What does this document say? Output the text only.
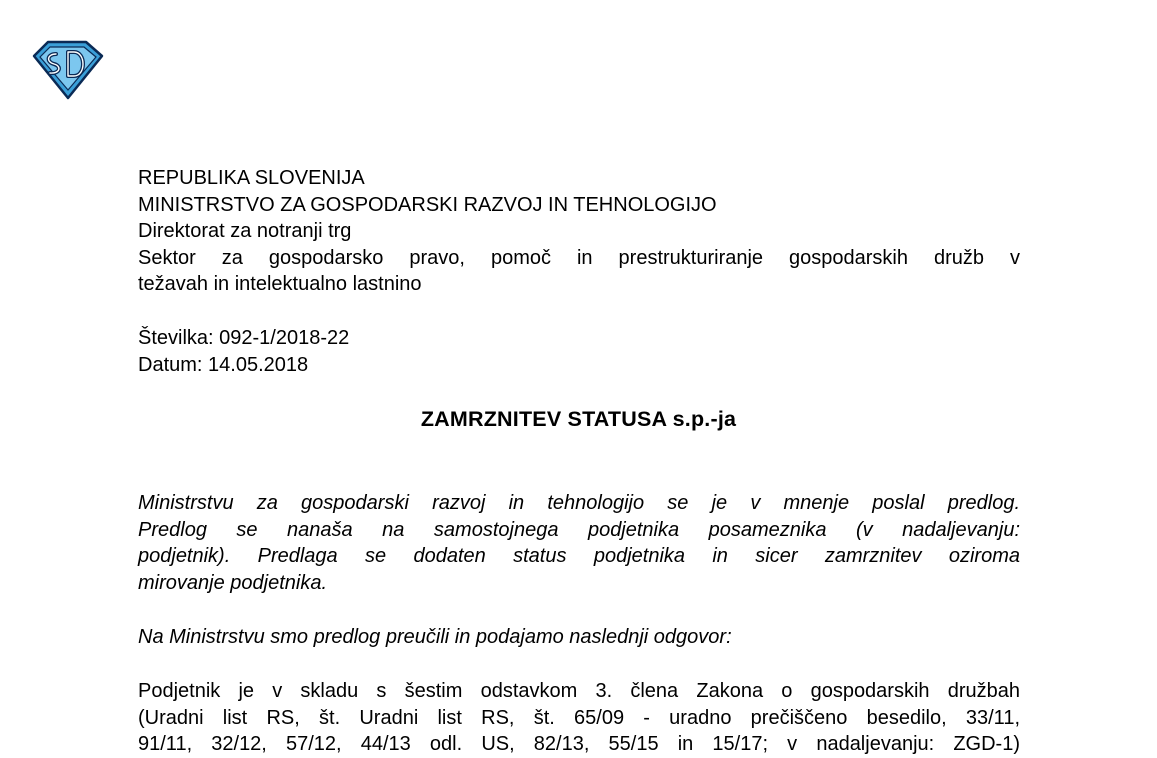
REPUBLIKA SLOVENIJA
MINISTRSTVO ZA GOSPODARSKI RAZVOJ IN TEHNOLOGIJO
Direktorat za notranji trg
Sektor za gospodarsko pravo, pomoč in prestrukturiranje gospodarskih družb v
težavah in intelektualno lastnino
Številka: 092-1/2018-22
Datum: 14.05.2018
ZAMRZNITEV STATUSA s.p.-ja
Ministrstvu za gospodarski razvoj in tehnologijo se je v mnenje poslal predlog.
Predlog se nanaša na samostojnega podjetnika posameznika (v nadaljevanju:
podjetnik). Predlaga se dodaten status podjetnika in sicer zamrznitev oziroma
mirovanje podjetnika.
Na Ministrstvu smo predlog preučili in podajamo naslednji odgovor:
Podjetnik je v skladu s šestim odstavkom 3. člena Zakona o gospodarskih družbah
(Uradni list RS, št. Uradni list RS, št. 65/09 - uradno prečiščeno besedilo, 33/11,
91/11, 32/12, 57/12, 44/13 odl. US, 82/13, 55/15 in 15/17; v nadaljevanju: ZGD-1)
